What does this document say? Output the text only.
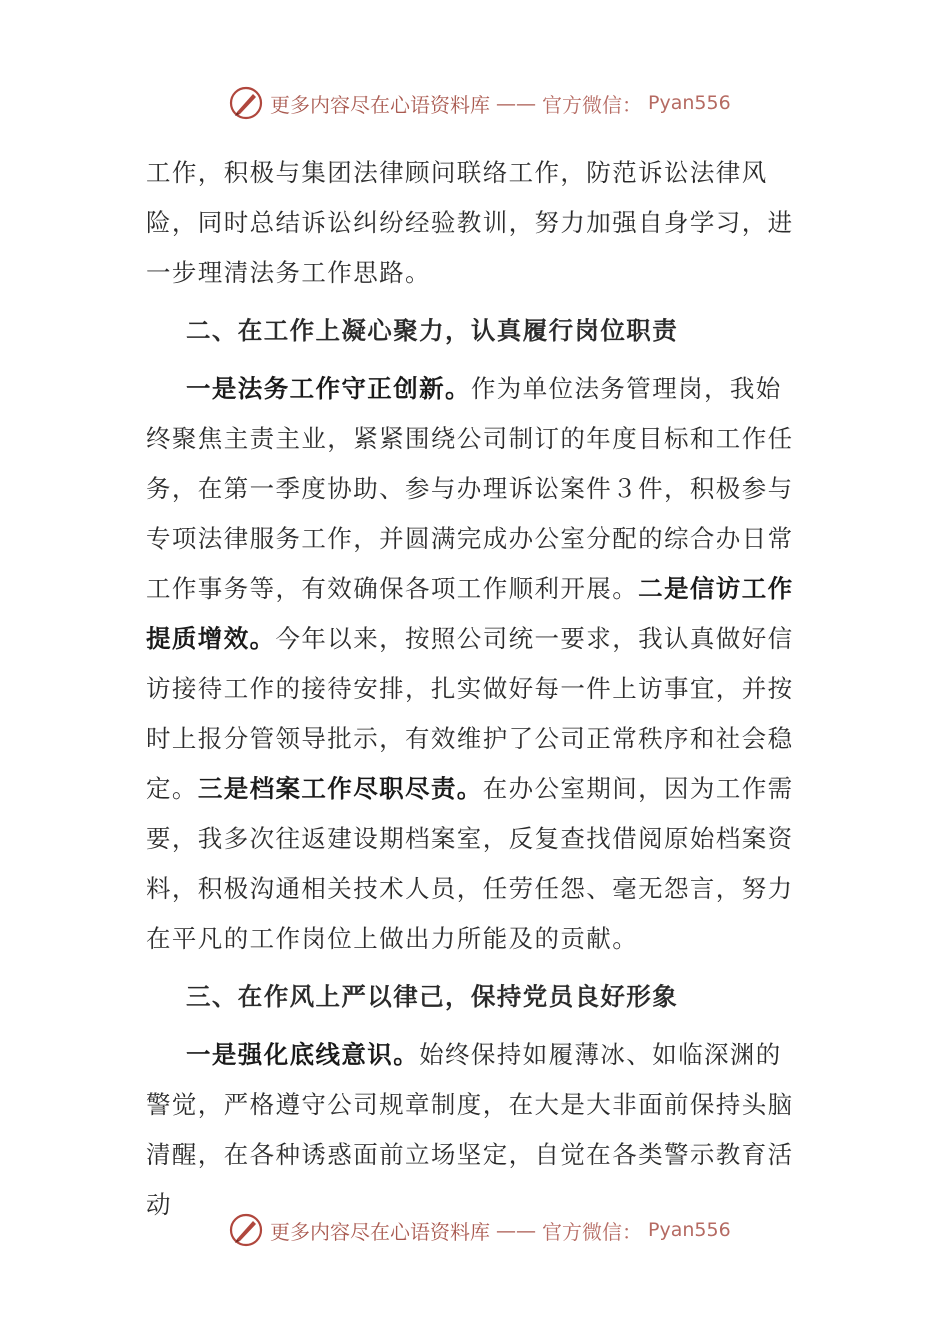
更多内容尽在心语资料库 —— 官方微信： Pyan556

工作，积极与集团法律顾问联络工作，防范诉讼法律风险，同时总结诉讼纠纷经验教训，努力加强自身学习，进一步理清法务工作思路。

二、在工作上凝心聚力，认真履行岗位职责

一是法务工作守正创新。作为单位法务管理岗，我始终聚焦主责主业，紧紧围绕公司制订的年度目标和工作任务，在第一季度协助、参与办理诉讼案件３件，积极参与专项法律服务工作，并圆满完成办公室分配的综合办日常工作事务等，有效确保各项工作顺利开展。二是信访工作提质增效。今年以来，按照公司统一要求，我认真做好信访接待工作的接待安排，扎实做好每一件上访事宜，并按时上报分管领导批示，有效维护了公司正常秩序和社会稳定。三是档案工作尽职尽责。在办公室期间，因为工作需要，我多次往返建设期档案室，反复查找借阅原始档案资料，积极沟通相关技术人员，任劳任怨、毫无怨言，努力在平凡的工作岗位上做出力所能及的贡献。

三、在作风上严以律己，保持党员良好形象

一是强化底线意识。始终保持如履薄冰、如临深渊的警觉，严格遵守公司规章制度，在大是大非面前保持头脑清醒，在各种诱惑面前立场坚定，自觉在各类警示教育活动

更多内容尽在心语资料库 —— 官方微信： Pyan556
